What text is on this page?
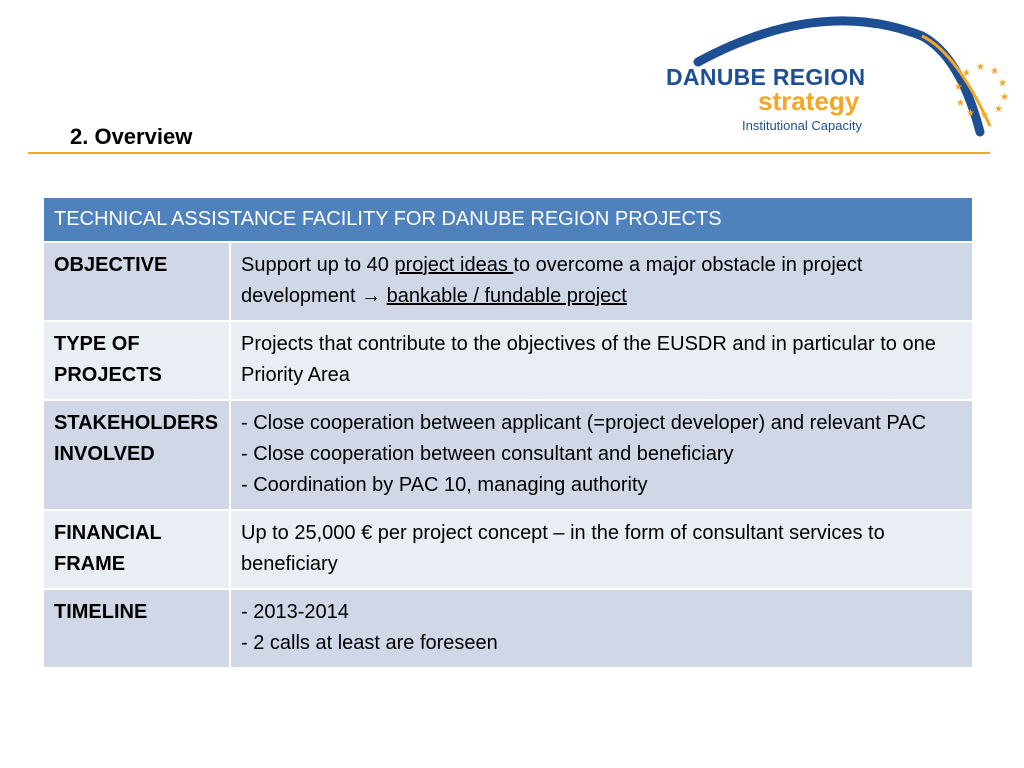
★
★ ★
★
★
★
★
★
★ ★
DANUBE REGION
strategy
Institutional Capacity
2. Overview
TECHNICAL ASSISTANCE FACILITY FOR DANUBE REGION PROJECTS	
OBJECTIVE	Support up to 40 project ideas to overcome a major obstacle in project development → bankable / fundable project
TYPE OF PROJECTS	Projects that contribute to the objectives of the EUSDR and in particular to one Priority Area
STAKEHOLDERS INVOLVED	- Close cooperation between applicant (=project developer) and relevant PAC
- Close cooperation between consultant and beneficiary
- Coordination by PAC 10, managing authority

FINANCIAL FRAME	Up to 25,000 € per project concept – in the form of consultant services to beneficiary
TIMELINE	- 2013-2014
- 2 calls at least are foreseen
